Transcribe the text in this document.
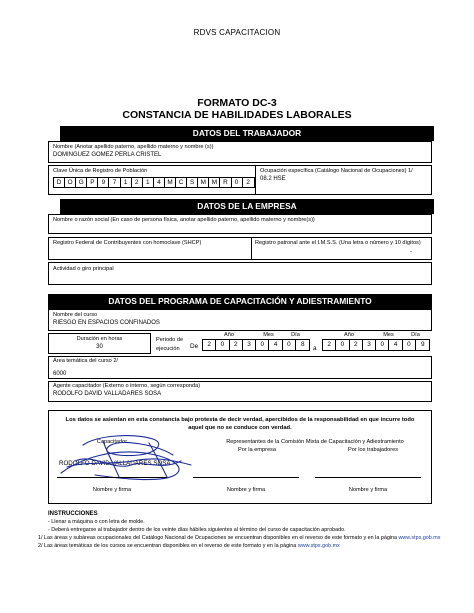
RDVS CAPACITACION
FORMATO DC-3
CONSTANCIA DE HABILIDADES LABORALES
DATOS DEL TRABAJADOR
Nombre (Anotar apellido paterno, apellido materno y nombre (s))
DOMINGUEZ GOMEZ PERLA CRISTEL
Clave Única de Registro de Población
D O G	P	9	7	1	2	1	4	M C	S M M R	0	2
Ocupación específica (Catálogo Nacional de Ocupaciones) 1/
08.2 HSE
DATOS DE LA EMPRESA
Nombre o razón social (En caso de persona física, anotar apellido paterno, apellido materno y nombre(s))
Registro Federal de Contribuyentes con homoclave (SHCP)	Registro patronal ante el I.M.S.S. (Una letra o número y 10 dígitos)
-
Actividad o giro principal
DATOS DEL PROGRAMA DE CAPACITACIÓN Y ADIESTRAMIENTO
Nombre del curso
RIESGO EN ESPACIOS CONFINADOS
Duración en horas
30
Periodo de
ejecución
Año	Mes	Día
De	2	0	2	3	0	4	0	8
Año	Mes	Día
a
2	0	2	3	0	4	0	9
Área temática del curso 2/
6000
Agente capacitador (Externo o interno, según corresponda)
RODOLFO DAVID VALLADARES SOSA
Los datos se asientan en esta constancia bajo protesta de decir verdad, apercibidos de la responsabilidad en que incurre todo
aquel que no se conduce con verdad.
Capacitador	Representantes de la Comisión Mixta de Capacitación y Adiestramiento
Por la empresa	Por los trabajadores
RODOLFO DAVID VALLADARES SOSA
Nombre y firma	Nombre y firma	Nombre y firma
INSTRUCCIONES
- Llenar a máquina o con letra de molde.
- Deberá entregarse al trabajador dentro de los veinte días hábiles siguientes al término del curso de capacitación aprobado.
1/ Las áreas y subáreas ocupacionales del Catálogo Nacional de Ocupaciones se encuentran disponibles en el reverso de este formato y en la página www.stps.gob.mx
2/ Las áreas temáticas de los cursos se encuentran disponibles en el reverso de este formato y en la página www.stps.gob.mx
